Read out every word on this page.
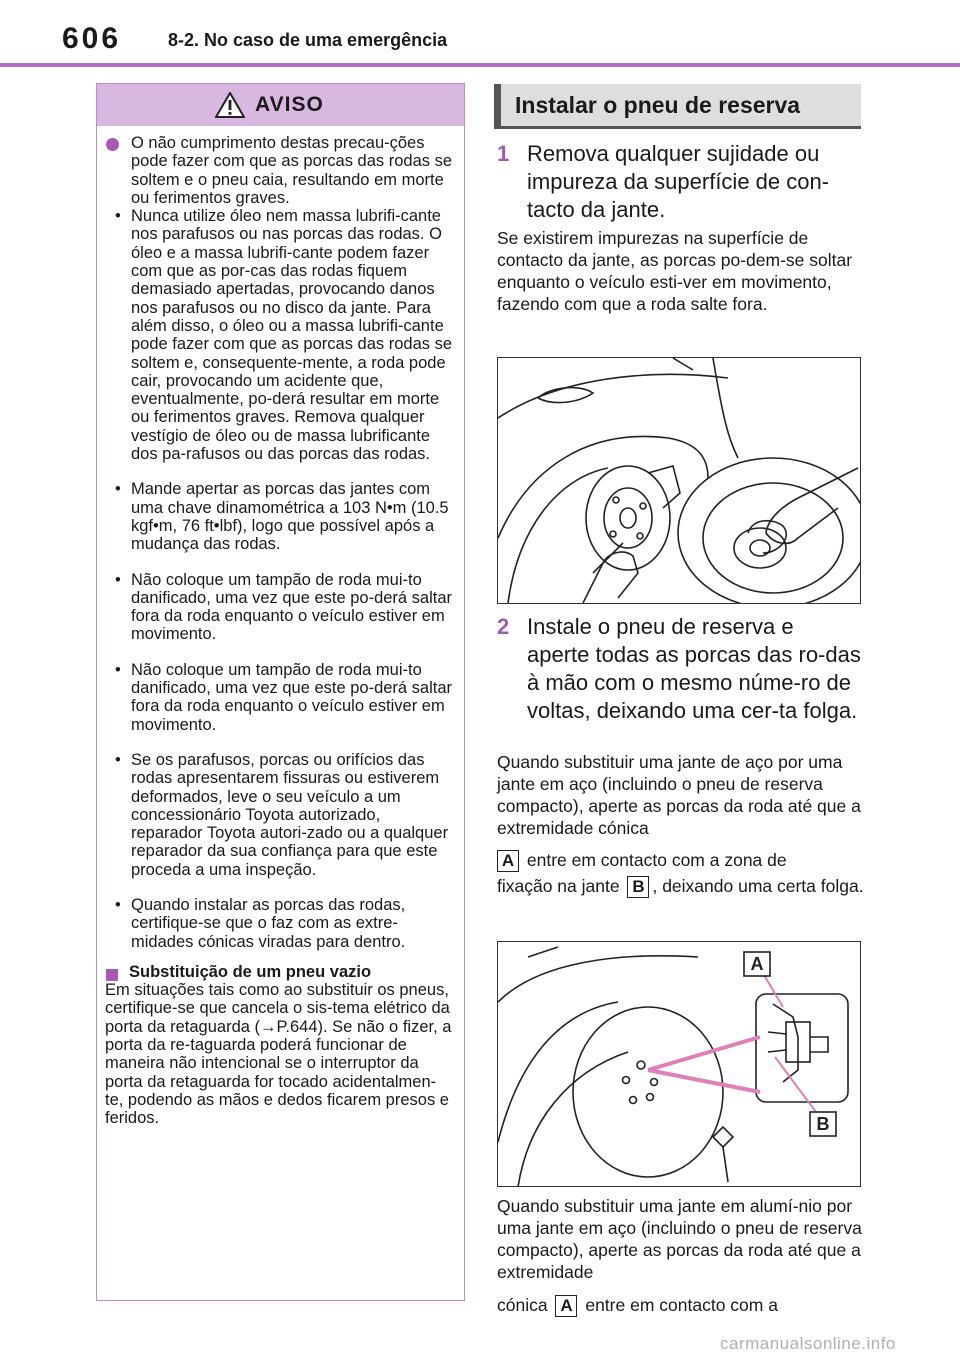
606	8-2. No caso de uma emergência
AVISO
O não cumprimento destas precau-ções pode fazer com que as porcas das rodas se soltem e o pneu caia, resultando em morte ou ferimentos graves.
• Nunca utilize óleo nem massa lubrifi-cante nos parafusos ou nas porcas das rodas. O óleo e a massa lubrifi-cante podem fazer com que as por-cas das rodas fiquem demasiado apertadas, provocando danos nos parafusos ou no disco da jante. Para além disso, o óleo ou a massa lubrifi-cante pode fazer com que as porcas das rodas se soltem e, consequente-mente, a roda pode cair, provocando um acidente que, eventualmente, po-derá resultar em morte ou ferimentos graves. Remova qualquer vestígio de óleo ou de massa lubrificante dos pa-rafusos ou das porcas das rodas.
• Mande apertar as porcas das jantes com uma chave dinamométrica a 103 N•m (10.5 kgf•m, 76 ft•lbf), logo que possível após a mudança das rodas.
• Não coloque um tampão de roda mui-to danificado, uma vez que este po-derá saltar fora da roda enquanto o veículo estiver em movimento.
• Não coloque um tampão de roda mui-to danificado, uma vez que este po-derá saltar fora da roda enquanto o veículo estiver em movimento.
• Se os parafusos, porcas ou orifícios das rodas apresentarem fissuras ou estiverem deformados, leve o seu veículo a um concessionário Toyota autorizado, reparador Toyota autori-zado ou a qualquer reparador da sua confiança para que este proceda a uma inspeção.
• Quando instalar as porcas das rodas, certifique-se que o faz com as extre-midades cónicas viradas para dentro.
Substituição de um pneu vazio
Em situações tais como ao substituir os pneus, certifique-se que cancela o sis-tema elétrico da porta da retaguarda (→P.644). Se não o fizer, a porta da re-taguarda poderá funcionar de maneira não intencional se o interruptor da porta da retaguarda for tocado acidentalmen-te, podendo as mãos e dedos ficarem presos e feridos.
Instalar o pneu de reserva
1 Remova qualquer sujidade ou impureza da superfície de con-tacto da jante.
Se existirem impurezas na superfície de contacto da jante, as porcas po-dem-se soltar enquanto o veículo esti-ver em movimento, fazendo com que a roda salte fora.
2 Instale o pneu de reserva e aperte todas as porcas das ro-das à mão com o mesmo núme-ro de voltas, deixando uma cer-ta folga.
Quando substituir uma jante de aço por uma jante em aço (incluindo o pneu de reserva compacto), aperte as porcas da roda até que a extremidade cónica
A entre em contacto com a zona de
fixação na jante B , deixando uma certa folga.
A
B
Quando substituir uma jante em alumí-nio por uma jante em aço (incluindo o pneu de reserva compacto), aperte as porcas da roda até que a extremidade
cónica A entre em contacto com a
carmanualsonline.info
